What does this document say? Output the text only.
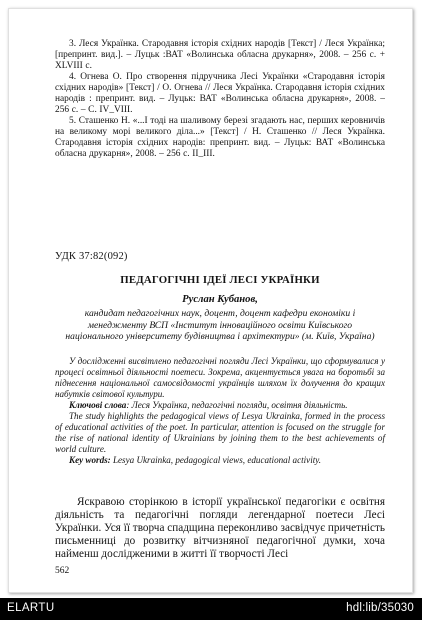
3. Леся Українка. Стародавня історія східних народів [Текст] / Леся Українка; [препринт. вид.]. – Луцьк :ВАТ «Волинська обласна друкарня», 2008. – 256 с. + XLVIII с.

4. Огнева О. Про створення підручника Лесі Українки «Стародавня історія східних народів» [Текст] / О. Огнева // Леся Українка. Стародавня історія східних народів : препринт. вид. – Луцьк: ВАТ «Волинська обласна друкарня», 2008. – 256 с. – С. IV_VIII.

5. Сташенко Н. «...І тоді на шаливому березі згадають нас, перших керовничів на великому морі великого діла...» [Текст] / Н. Сташенко // Леся Українка. Стародавня історія східних народів: препринт. вид. – Луцьк: ВАТ «Волинська обласна друкарня», 2008. – 256 с. ІІ_ІІІ.

УДК 37:82(092)
ПЕДАГОГІЧНІ ІДЕЇ ЛЕСІ УКРАЇНКИ
Руслан Кубанов,
кандидат педагогічних наук, доцент, доцент кафедри економіки і менеджменту ВСП «Інститут інноваційного освіти Київського національного університету будівництва і архітектури» (м. Київ, Україна)

У дослідженні висвітлено педагогічні погляди Лесі Українки, що сформувалися у процесі освітньої діяльності поетеси. Зокрема, акцентується увага на боротьбі за піднесення національної самосвідомості українців шляхом їх долучення до кращих набутків світової культури.

Ключові слова: Леся Українка, педагогічні погляди, освітня діяльність.

The study highlights the pedagogical views of Lesya Ukrainka, formed in the process of educational activities of the poet. In particular, attention is focused on the struggle for the rise of national identity of Ukrainians by joining them to the best achievements of world culture.

Key words: Lesya Ukrainka, pedagogical views, educational activity.

Яскравою сторінкою в історії української педагогіки є освітня діяльність та педагогічні погляди легендарної поетеси Лесі Українки. Уся її творча спадщина переконливо засвідчує причетність письменниці до розвитку вітчизняної педагогічної думки, хоча найменш дослідженими в житті її творчості Лесі

562
ELARTU	hdl:lib/35030
